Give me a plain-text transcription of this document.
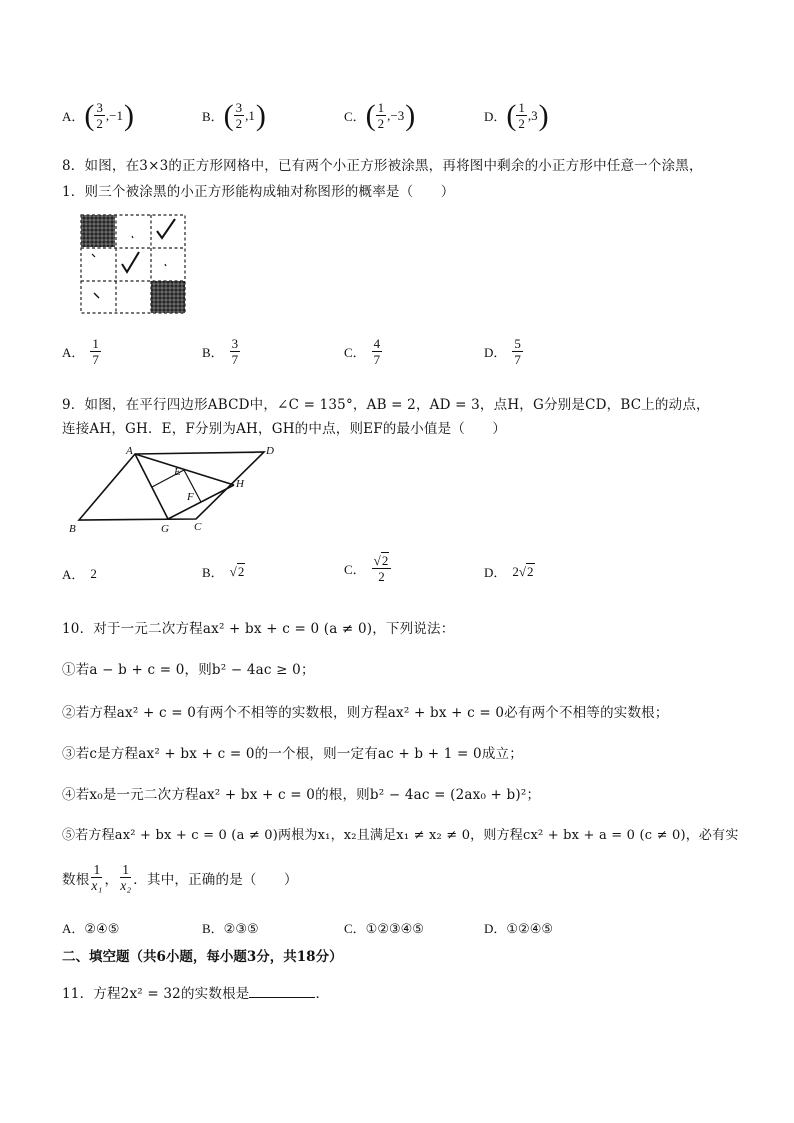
A． ( $\frac{3}{2} ,-1$ )	B． ( $\frac{3}{2} ,1$ )	C． ( $\frac{1}{2} ,-3$ )	D． ( $\frac{1}{2} ,3$ )
8．如图，在3×3的正方形网格中，已有两个小正方形被涂黑，再将图中剩余的小正方形中任意一个涂黑，
1．则三个被涂黑的小正方形能构成轴对称图形的概率是（　　）
A． $\frac{1}{7}$	B． $\frac{3}{7}$	C． $\frac{4}{7}$	D． $\frac{5}{7}$
9．如图，在平行四边形ABCD中，∠C = 135°，AB = 2，AD = 3，点H，G分别是CD，BC上的动点，
连接AH，GH．E，F分别为AH，GH的中点，则EF的最小值是（　　）
A	D
E
F
H
B	G C
A． 2	B． √ 2	C． $\frac{√ 2}{2}$	D． 2 √ 2
10．对于一元二次方程ax² + bx + c = 0 (a ≠ 0)，下列说法：
①若a − b + c = 0，则b² − 4ac ≥ 0；
②若方程ax² + c = 0有两个不相等的实数根，则方程ax² + bx + c = 0必有两个不相等的实数根；
③若c是方程ax² + bx + c = 0的一个根，则一定有ac + b + 1 = 0成立；
④若x₀是一元二次方程ax² + bx + c = 0的根，则b² − 4ac = (2ax₀ + b)²；
⑤若方程ax² + bx + c = 0 (a ≠ 0)两根为x₁，x₂且满足x₁ ≠ x₂ ≠ 0，则方程cx² + bx + a = 0 (c ≠ 0)，必有实
数根 $\frac{1}{\text{x₁}}$ ， $\frac{1}{\text{x₂}}$ ．其中，正确的是（　　）
A．②④⑤	B．②③⑤	C．①②③④⑤	D．①②④⑤
二、填空题（共6小题，每小题3分，共18分）
11．方程2x² = 32的实数根是	．
